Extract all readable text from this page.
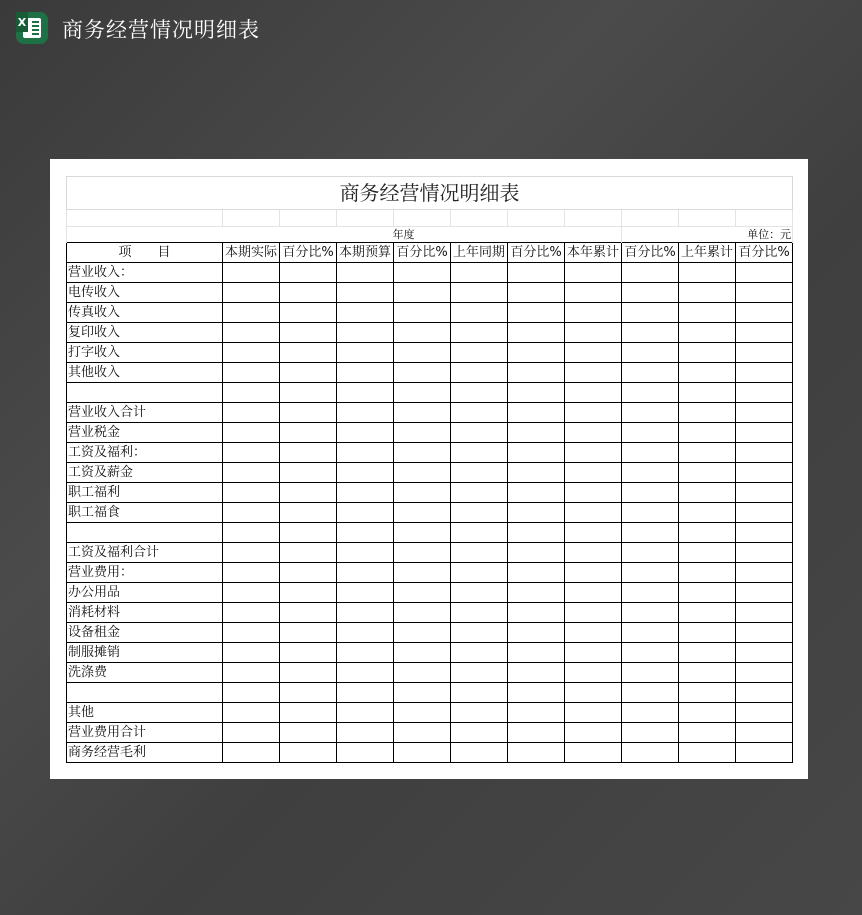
X 商务经营情况明细表
商务经营情况明细表										

年度								单位：元		
项　　目	本期实际	百分比%	本期预算	百分比%	上年同期	百分比%	本年累计	百分比%	上年累计	百分比%
营业收入：										
电传收入										
传真收入										
复印收入										
打字收入										
其他收入										

营业收入合计										
营业税金										
工资及福利：										
工资及薪金										
职工福利										
职工福食										

工资及福利合计										
营业费用：										
办公用品										
消耗材料										
设备租金										
制服摊销										
洗涤费										

其他										
营业费用合计										
商务经营毛利										
